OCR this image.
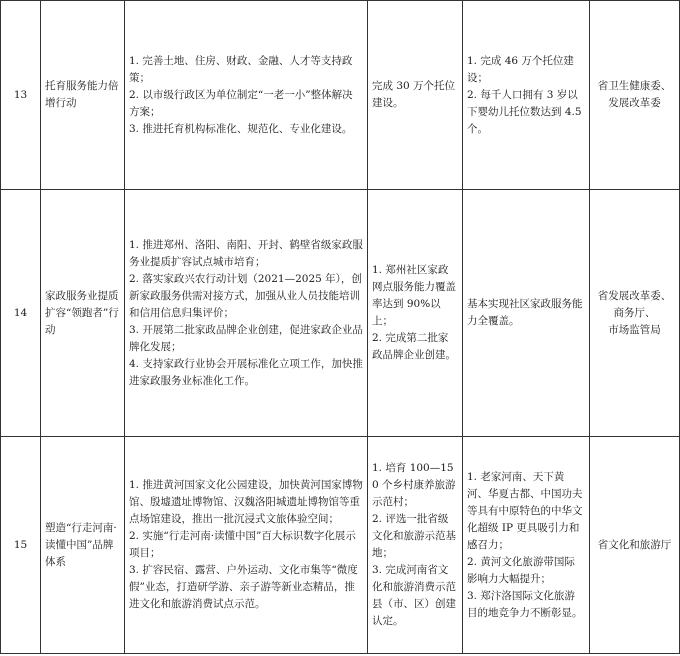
13	托育服务能力倍增行动	1. 完善土地、住房、财政、金融、人才等支持政策；
2. 以市级行政区为单位制定“一老一小”整体解决方案；
3. 推进托育机构标准化、规范化、专业化建设。	完成 30 万个托位建设。	1. 完成 46 万个托位建设；
2. 每千人口拥有 3 岁以下婴幼儿托位数达到 4.5 个。	省卫生健康委、
发展改革委

14	家政服务业提质扩容“领跑者”行动	1. 推进郑州、洛阳、南阳、开封、鹤壁省级家政服务业提质扩容试点城市培育；
2. 落实家政兴农行动计划（2021—2025 年），创新家政服务供需对接方式，加强从业人员技能培训和信用信息归集评价；
3. 开展第二批家政品牌企业创建，促进家政企业品牌化发展；
4. 支持家政行业协会开展标准化立项工作，加快推进家政服务业标准化工作。	1. 郑州社区家政网点服务能力覆盖率达到 90%以上；
2. 完成第二批家政品牌企业创建。	基本实现社区家政服务能力全覆盖。	省发展改革委、
商务厅、
市场监管局

15	塑造“行走河南·读懂中国”品牌体系	1. 推进黄河国家文化公园建设，加快黄河国家博物馆、殷墟遗址博物馆、汉魏洛阳城遗址博物馆等重点场馆建设，推出一批沉浸式文旅体验空间；
2. 实施“行走河南·读懂中国”百大标识数字化展示项目；
3. 扩容民宿、露营、户外运动、文化市集等“微度假”业态，打造研学游、亲子游等新业态精品，推进文化和旅游消费试点示范。	1. 培育 100—150 个乡村康养旅游示范村；
2. 评选一批省级文化和旅游示范基地；
3. 完成河南省文化和旅游消费示范县（市、区）创建认定。	1. 老家河南、天下黄河、华夏古都、中国功夫等具有中原特色的中华文化超级 IP 更具吸引力和感召力；
2. 黄河文化旅游带国际影响力大幅提升；
3. 郑汴洛国际文化旅游目的地竞争力不断彰显。	省文化和旅游厅
